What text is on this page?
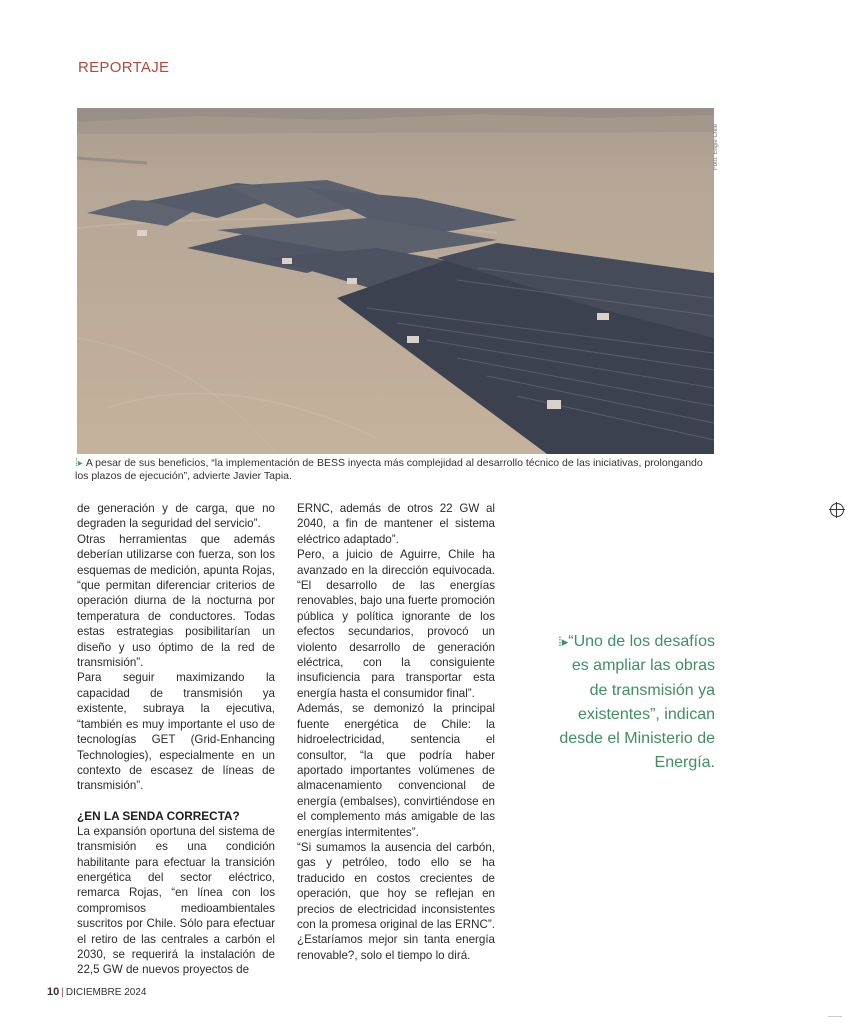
REPORTAJE
Foto: Engie Chile
⁞▸ A pesar de sus beneficios, “la implementación de BESS inyecta más complejidad al desarrollo técnico de las iniciativas, prolongando los plazos de ejecución”, advierte Javier Tapia.

de generación y de carga, que no degraden la seguridad del servicio”.

Otras herramientas que además deberían utilizarse con fuerza, son los esquemas de medición, apunta Rojas, “que permitan diferenciar criterios de operación diurna de la nocturna por temperatura de conductores. Todas estas estrategias posibilitarían un diseño y uso óptimo de la red de transmisión”.

Para seguir maximizando la capacidad de transmisión ya existente, subraya la ejecutiva, “también es muy importante el uso de tecnologías GET (Grid-Enhancing Technologies), especialmente en un contexto de escasez de líneas de transmisión”.

¿EN LA SENDA CORRECTA?

La expansión oportuna del sistema de transmisión es una condición habilitante para efectuar la transición energética del sector eléctrico, remarca Rojas, “en línea con los compromisos medioambientales suscritos por Chile. Sólo para efectuar el retiro de las centrales a carbón el 2030, se requerirá la instalación de 22,5 GW de nuevos proyectos de

ERNC, además de otros 22 GW al 2040, a fin de mantener el sistema eléctrico adaptado”.

Pero, a juicio de Aguirre, Chile ha avanzado en la dirección equivocada. “El desarrollo de las energías renovables, bajo una fuerte promoción pública y política ignorante de los efectos secundarios, provocó un violento desarrollo de generación eléctrica, con la consiguiente insuficiencia para transportar esta energía hasta el consumidor final”.

Además, se demonizó la principal fuente energética de Chile: la hidroelectricidad, sentencia el consultor, “la que podría haber aportado importantes volúmenes de almacenamiento convencional de energía (embalses), convirtiéndose en el complemento más amigable de las energías intermitentes”.

“Si sumamos la ausencia del carbón, gas y petróleo, todo ello se ha traducido en costos crecientes de operación, que hoy se reflejan en precios de electricidad inconsistentes con la promesa original de las ERNC”. ¿Estaríamos mejor sin tanta energía renovable?, solo el tiempo lo dirá.

⁞▸“Uno de los desafíos es ampliar las obras de transmisión ya existentes”, indican desde el Ministerio de Energía.
10 | DICIEMBRE 2024
